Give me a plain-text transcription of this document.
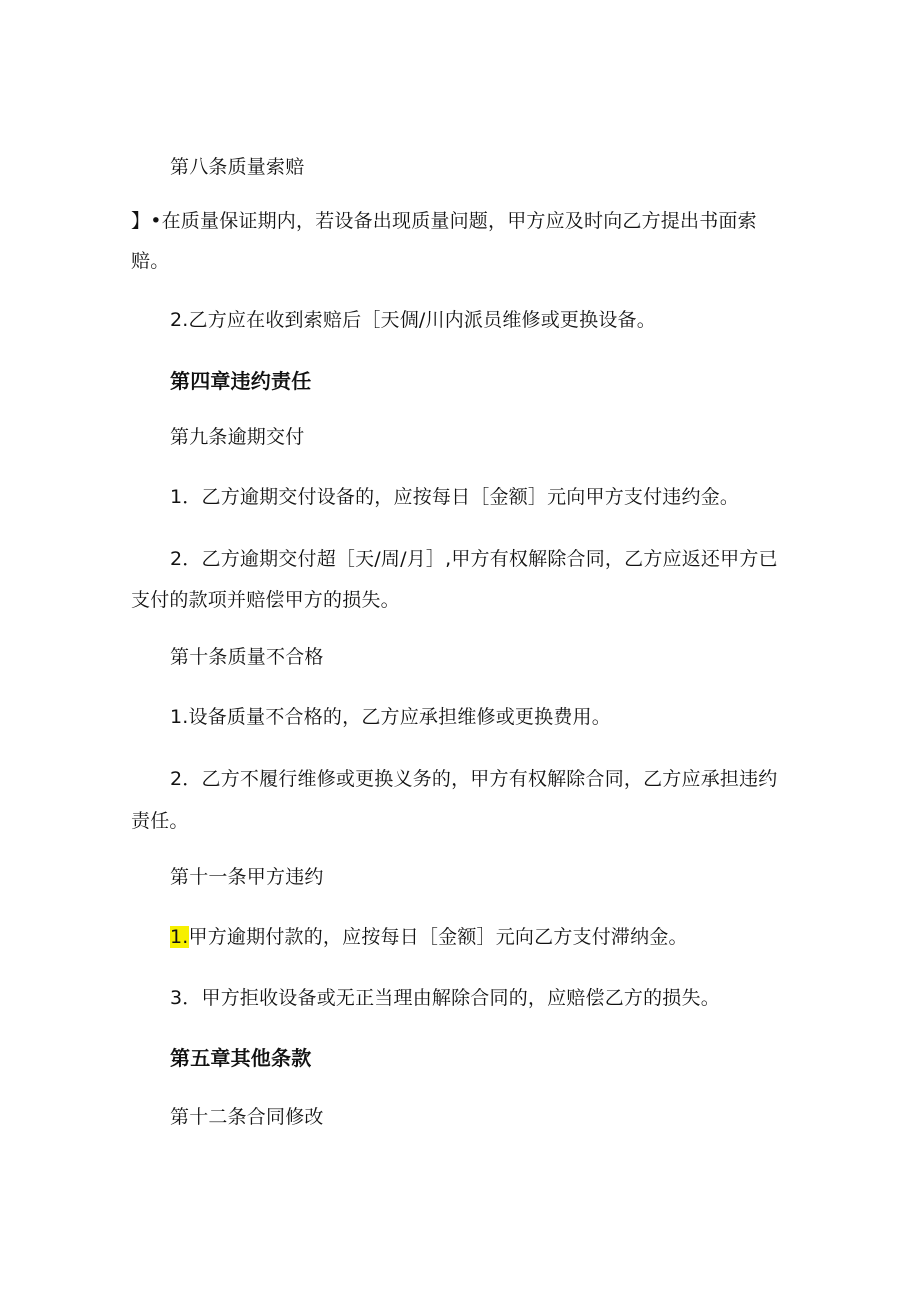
第八条质量索赔
】•在质量保证期内，若设备出现质量问题，甲方应及时向乙方提出书面索
赔。
2.乙方应在收到索赔后［天倜/川内派员维修或更换设备。
第四章违约责任
第九条逾期交付
1．乙方逾期交付设备的，应按每日［金额］元向甲方支付违约金。
2．乙方逾期交付超［天/周/月］,甲方有权解除合同，乙方应返还甲方已
支付的款项并赔偿甲方的损失。
第十条质量不合格
1.设备质量不合格的，乙方应承担维修或更换费用。
2．乙方不履行维修或更换义务的，甲方有权解除合同，乙方应承担违约
责任。
第十一条甲方违约
1.甲方逾期付款的，应按每日［金额］元向乙方支付滞纳金。
3．甲方拒收设备或无正当理由解除合同的，应赔偿乙方的损失。
第五章其他条款
第十二条合同修改
